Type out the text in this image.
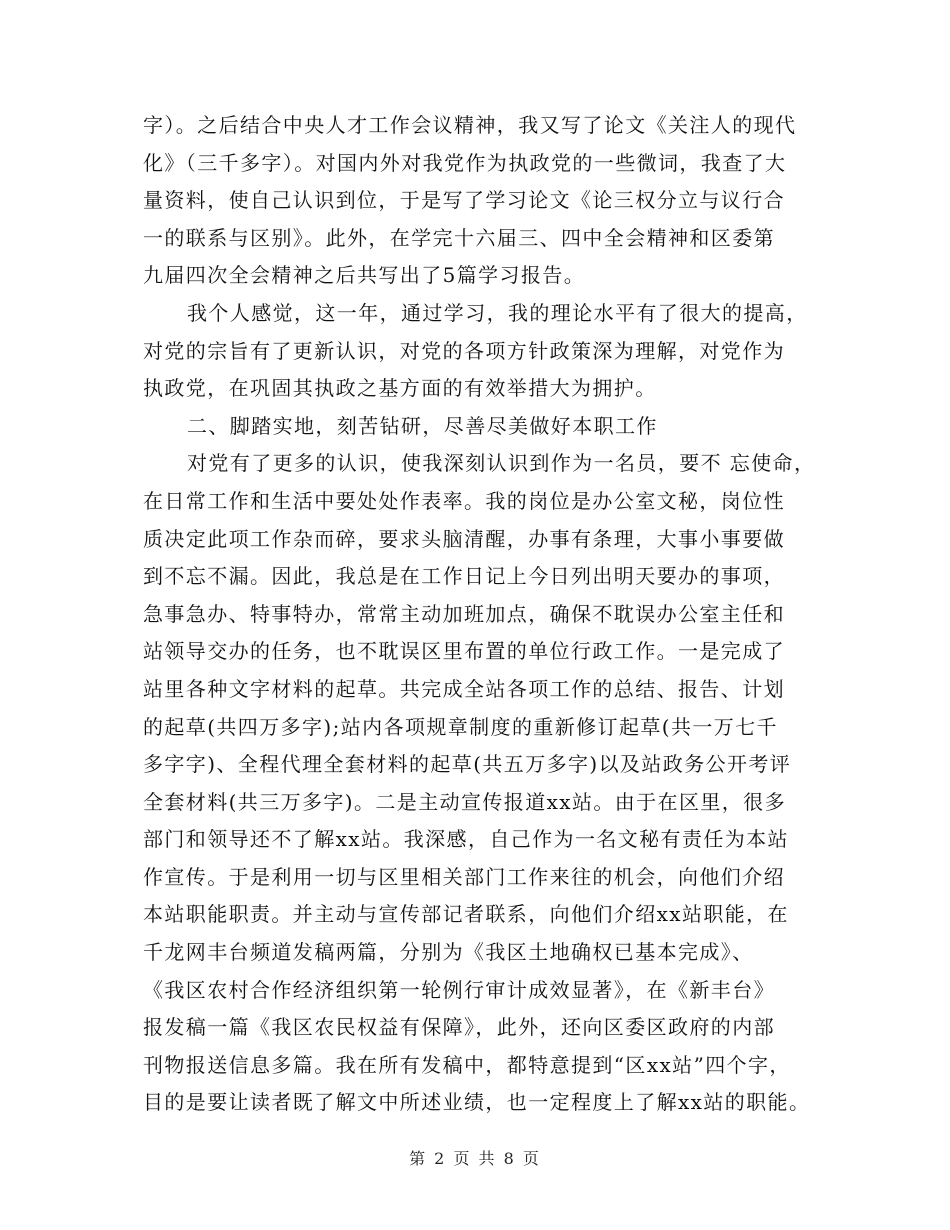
字）。之后结合中央人才工作会议精神，我又写了论文《关注人的现代
化》（三千多字）。对国内外对我党作为执政党的一些微词，我查了大
量资料，使自己认识到位，于是写了学习论文《论三权分立与议行合
一的联系与区别》。此外，在学完十六届三、四中全会精神和区委第
九届四次全会精神之后共写出了5篇学习报告。
我个人感觉，这一年，通过学习，我的理论水平有了很大的提高，
对党的宗旨有了更新认识，对党的各项方针政策深为理解，对党作为
执政党，在巩固其执政之基方面的有效举措大为拥护。
二、脚踏实地，刻苦钻研，尽善尽美做好本职工作
对党有了更多的认识，使我深刻认识到作为一名员，要不 忘使命，
在日常工作和生活中要处处作表率。我的岗位是办公室文秘，岗位性
质决定此项工作杂而碎，要求头脑清醒，办事有条理，大事小事要做
到不忘不漏。因此，我总是在工作日记上今日列出明天要办的事项，
急事急办、特事特办，常常主动加班加点，确保不耽误办公室主任和
站领导交办的任务，也不耽误区里布置的单位行政工作。一是完成了
站里各种文字材料的起草。共完成全站各项工作的总结、报告、计划
的起草(共四万多字);站内各项规章制度的重新修订起草(共一万七千
多字字)、全程代理全套材料的起草(共五万多字)以及站政务公开考评
全套材料(共三万多字)。二是主动宣传报道xx站。由于在区里，很多
部门和领导还不了解xx站。我深感，自己作为一名文秘有责任为本站
作宣传。于是利用一切与区里相关部门工作来往的机会，向他们介绍
本站职能职责。并主动与宣传部记者联系，向他们介绍xx站职能，在
千龙网丰台频道发稿两篇，分别为《我区土地确权已基本完成》、
《我区农村合作经济组织第一轮例行审计成效显著》，在《新丰台》
报发稿一篇《我区农民权益有保障》，此外，还向区委区政府的内部
刊物报送信息多篇。我在所有发稿中，都特意提到“区xx站”四个字，
目的是要让读者既了解文中所述业绩，也一定程度上了解xx站的职能。
第 2 页 共 8 页
